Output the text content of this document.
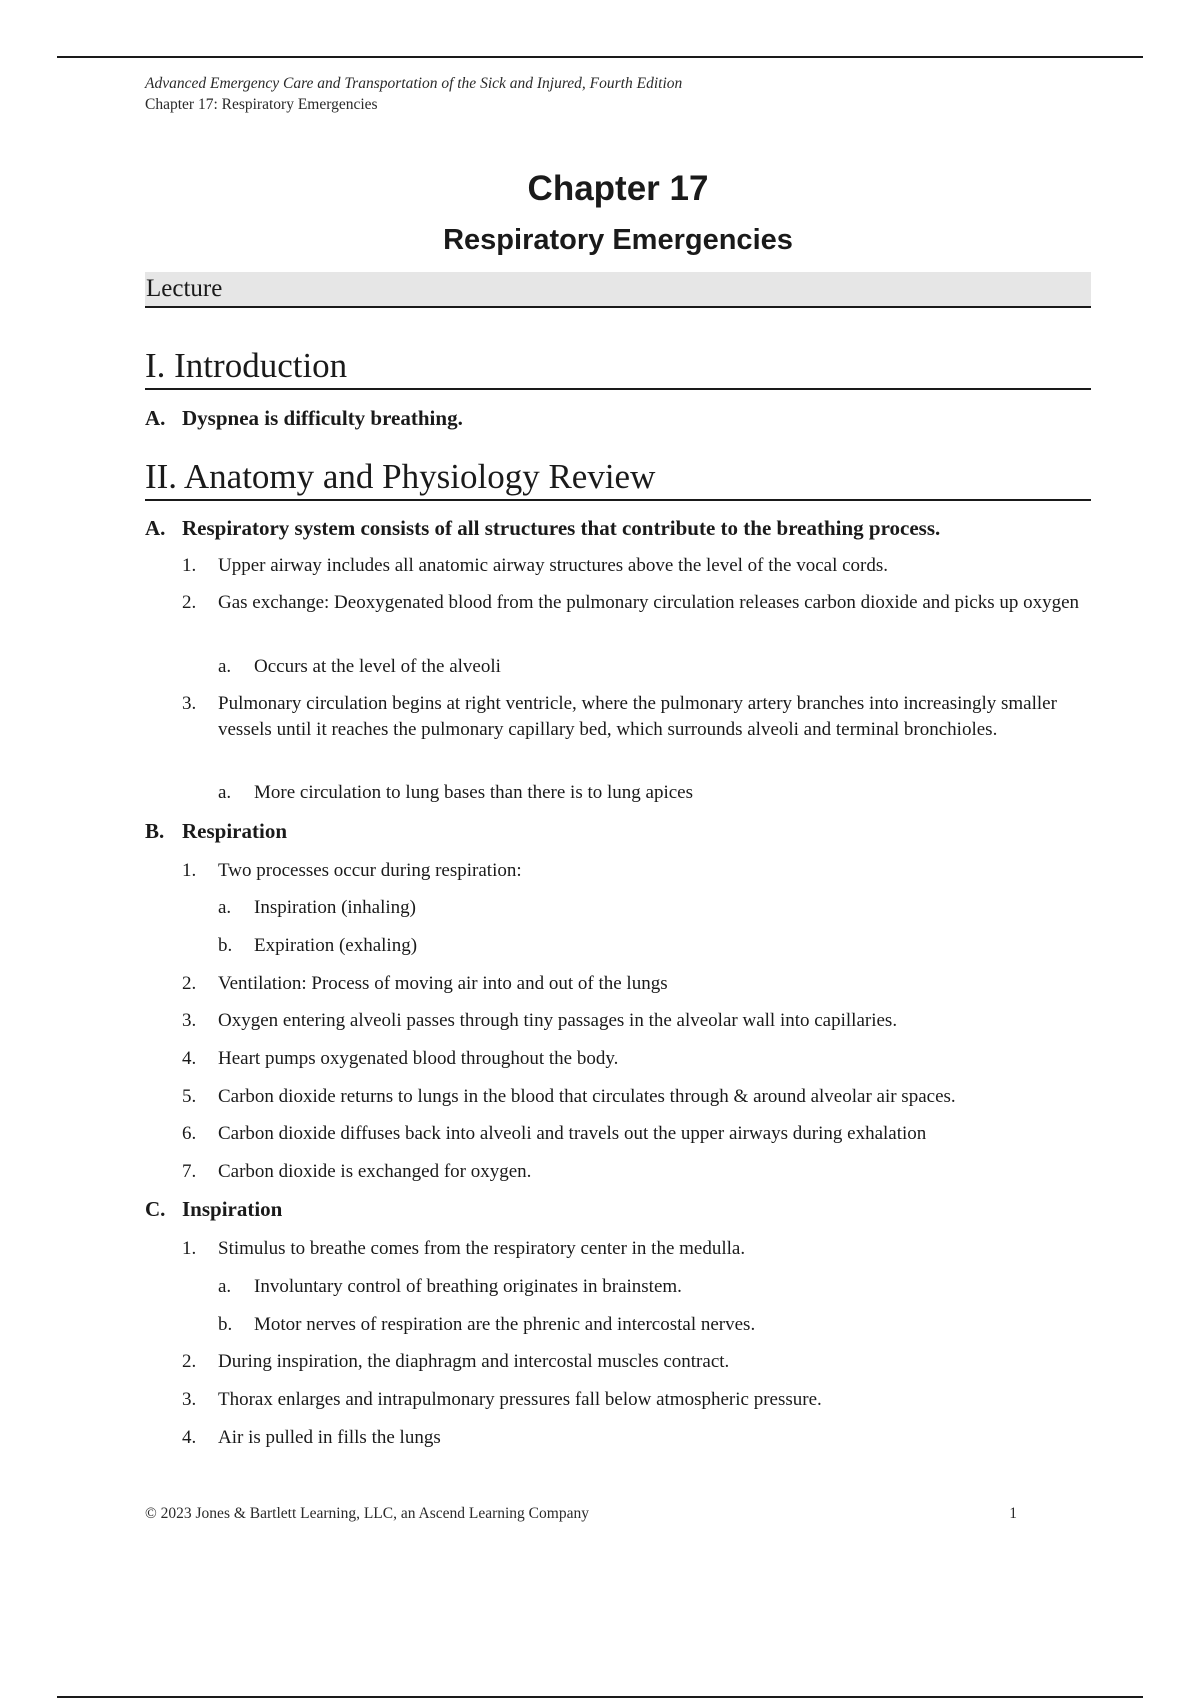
Advanced Emergency Care and Transportation of the Sick and Injured, Fourth Edition
Chapter 17: Respiratory Emergencies
Chapter 17
Respiratory Emergencies
Lecture
I. Introduction
A. Dyspnea is difficulty breathing.
II. Anatomy and Physiology Review
A. Respiratory system consists of all structures that contribute to the breathing process.
1. Upper airway includes all anatomic airway structures above the level of the vocal cords.
2. Gas exchange: Deoxygenated blood from the pulmonary circulation releases carbon dioxide and picks up oxygen
a. Occurs at the level of the alveoli
3. Pulmonary circulation begins at right ventricle, where the pulmonary artery branches into increasingly smaller vessels until it reaches the pulmonary capillary bed, which surrounds alveoli and terminal bronchioles.
a. More circulation to lung bases than there is to lung apices
B. Respiration
1. Two processes occur during respiration:
a. Inspiration (inhaling)
b. Expiration (exhaling)
2. Ventilation: Process of moving air into and out of the lungs
3. Oxygen entering alveoli passes through tiny passages in the alveolar wall into capillaries.
4. Heart pumps oxygenated blood throughout the body.
5. Carbon dioxide returns to lungs in the blood that circulates through & around alveolar air spaces.
6. Carbon dioxide diffuses back into alveoli and travels out the upper airways during exhalation
7. Carbon dioxide is exchanged for oxygen.
C. Inspiration
1. Stimulus to breathe comes from the respiratory center in the medulla.
a. Involuntary control of breathing originates in brainstem.
b. Motor nerves of respiration are the phrenic and intercostal nerves.
2. During inspiration, the diaphragm and intercostal muscles contract.
3. Thorax enlarges and intrapulmonary pressures fall below atmospheric pressure.
4. Air is pulled in fills the lungs
© 2023 Jones & Bartlett Learning, LLC, an Ascend Learning Company	1
